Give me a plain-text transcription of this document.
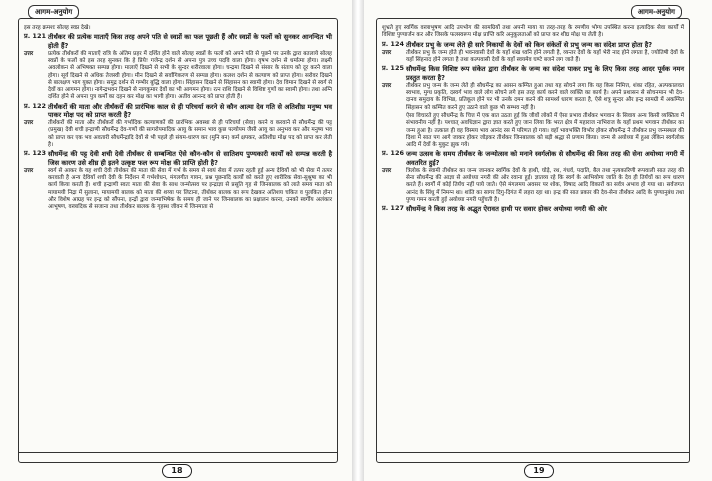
आगम-अनुयोग
इस तरह क्रमशः सोलह स्वप्न देखे।
प्र. 121 तीर्थंकर की प्रत्येक माताएँ किस तरह अपने पति से स्वप्नों का फल पूछती हैं और स्वप्नों के फलों को सुनकर आनन्दित भी होती हैं?
उत्तर	प्रत्येक तीर्थंकरों की माताएँ रात्रि के अंतिम प्रहर में दर्शित होने वाले सोलह स्वप्नों के फलों को अपने पति से पूछने पर उनके द्वारा बतलाये सोलह स्वप्नों के फलों को इस तरह सुनकर कि हे प्रिये! गजेन्द्र दर्शन से अपना पुत्र उच्च पदवि वाला होगा। वृषभ दर्शन से धर्मात्मा होगा। लक्ष्मी अवलोकन से अभिषक्त सम्पन्न होगा। मालाएँ दिखने से सभी के सुन्दर शरीरवाला होगा। चन्द्रमा दिखने से संसार के संताप को दूर करने वाला होगा। सूर्य दिखने से अधिक तेजस्वी होगा। मीन दिखने से सर्वांगिकरण से सम्पन्न होगा। कलश दर्शन से कल्याण को प्राप्त होगा। सरोवर दिखने से बालक्षण भाग युक्त होगा। समुद्र दर्शन से गम्भीर बुद्धि वाला होगा। सिंहासन दिखने से सिंहासन का स्वामी होगा। देव विमान दिखने से स्वर्ग से देवों का आगमन होगा। नागेन्द्रभवन दिखने से नागकुमार देवों का भी आगमन होगा। रत्न राशि दिखने से विशिष्ट गुणों का स्वामी होगा। तथा अग्नि दर्शित होने से अपना पुत्र कर्मों का दहन कर मोक्ष का भागी होगा। अतीव आनन्द को प्राप्त होती हैं।
प्र. 122 तीर्थंकरों की माता और तीर्थंकरों की प्रारंभिक काल से ही परिचर्या करने से कौन आत्मा देव गति से अतिशीघ्र मनुष्य भव पाकर मोक्ष पद को प्राप्त करती है?
उत्तर	तीर्थंकरों की माता और तीर्थंकरों की गर्भादिक कल्याणकों की प्रारंभिक अवस्था से ही परिचर्या (सेवा) करने व करवाने से सौधर्मेन्द्र की पट्ट (प्रमुख) देवी शची इन्द्राणी सौधर्मेन्द्र देव-गणों की सागरोपमादिक आयु के समान भाव कुछ पल्योपम जैसी आयु का अनुभव कर और मनुष्य भव को प्राप्त कर एक भव अवतारी सौधर्मेन्द्रादि देवों से भी पहले ही संयम-धारण कर (मुनि बन) कर्म क्षपकर, अतिशीघ्र मोक्ष पद को प्राप्त कर लेती है।
प्र. 123 सौधर्मेन्द्र की पट्ट देवी शची देवी तीर्थंकर से सम्बन्धित ऐसे कौन-कौन से सातिशय पुण्यकारी कार्यों को सम्पन्न करती है जिस कारण उसे शीघ्र ही इतने उत्कृष्ट फल रूप मोक्ष की प्राप्ति होती है?
उत्तर	स्वर्ग से आकर के यह शची देवी तीर्थंकर की माता की सेवा में गर्भ के समय से स्वयं सेवा में तत्पर रहती हुई अन्य देवियों को भी सेवा में तत्पर करवाती है अन्य देवियाँ शची देवी के निर्देशन में गर्भशोधन, मंगलगीत गायन, प्रश्न पूछनादि कार्यों को करते हुए शारीरिक सेवा-सुश्रुषा का भी कार्य किया करती हैं। शची इन्द्राणी स्वतः माता की सेवा के साथ जन्मोत्सव पर इन्द्राज्ञा से प्रसूति गृह से जिनबालक को लाते समय माता को मायामयी निद्रा में सुलाना, मायामयी बालक को माता की शय्या पर लिटाना, तीर्थंकर बालक का रूप देखकर अतिशय चकित व पुलकित होना और विशेष आग्रह पर इन्द्र को सौंपना, इन्द्रों द्वारा जन्माभिषेक के समय ही जाने पर जिनबालक का प्रक्षालन करना, उनको स्वर्गीय अलंकार आभूषण, वस्त्रादिक से सजाना तथा तीर्थंकर बालक के गृहस्थ जीवन में जिनमाता से
18
आगम-अनुयोग
शुभ्रते हुए स्वर्गिक वस्त्राभूषण आदि उपभोग की सामग्रियों तथा अपनी माया या तरह-तरह के रमणीय भोग्य उपस्थित करना इत्यादिक सेवा कार्यों में विशिष्ट पुण्यार्जन कर और जिसके फलस्वरूप मोक्ष प्राप्ति करि अनुकूलताओं को प्राप्त कर शीघ्र मोक्ष पा लेती है।
प्र. 124 तीर्थंकर प्रभु के जन्म लेते ही सारे निकायों के देवों को किन संकेतों से प्रभु जन्म का संदेश प्राप्त होता है?
उत्तर	तीर्थंकर प्रभु के जन्म होते ही भवनवासी देवों के यहाँ शंख ध्वनि होने लगती है, व्यन्तर देवों के यहाँ भेरी नाद होने लगता है, ज्योतिषी देवों के यहाँ सिंहनाद होने लगता है तथा कल्पवासी देवों के यहाँ स्वयमेव घण्टे बजने लग जाते हैं।
प्र. 125 सौधर्मेन्द्र किस विशिष्ट रूप संकेत द्वारा तीर्थंकर के जन्म का संदेश पाकर प्रभु के लिए किस तरह आदर पूर्वक नमन प्रस्तुत करता है?
उत्तर	तीर्थंकर प्रभु जन्म के जन्म लेते ही सौधर्मेन्द्र का आसन कम्पित हुआ तथा यह सोचने लगा कि यह किस निमित्त, शंका रहित, अल्पकालवत स्वभाव, मुग्ध प्रकृति, दस्वर्ग भाव वाले लोग सोचने लगे इस तरह कार्य करने वाले व्यक्ति का कार्य है। अपने प्रशासन से सोचनमान भी देव-दानव समुदाय के विभिन्न, प्रतिकूल होने पर भी उनके दमन करने की सामर्थ्य धारण करता है, ऐसे शत्रु सुन्दर और इन्द्र सामग्री में अकम्पित सिंहासन को कम्पित करने हुए उठाने वाले कुछ भी सम्भव नहीं है।
ऐसा विचारते हुए सौधर्मेन्द्र के चित्त में एक बात उठता हुई कि जीवों लोकों में ऐसा प्रभाव तीर्थंकर भगवान के सिवाय अन्य किसी व्यक्तित्व में संभावनीय नहीं है। पश्चात् अवधिज्ञान द्वारा ज्ञात करते हुए जान लिया कि भरत क्षेत्र में महाराज नाभिराज के यहाँ प्रथम भगवान तीर्थंकर का जन्म हुआ है। तत्काल ही वह विस्मय भाव आनंद रस में परिणत हो गया। वहाँ भावभक्ति विभोर होकर सौधर्मेन्द्र ने तीर्थंकर प्रभु जन्मस्थल की दिशा में सात पग आगे जाकर होकर जोड़कर तीर्थंकर जिनबालक को बड़ी श्रद्धा से प्रणाम किया। जन्म से अयोध्या में हुआ लेकिन स्वर्गलोक आदि में देवों के मुकुट झुक गये।
प्र. 126 जन्म उत्सव के समय तीर्थंकर के जन्मोत्सव को मनाने स्वर्गलोक से सौधर्मेन्द्र की किस तरह की सेना अयोध्या नगरी में अवतरित हुई?
उत्तर	त्रिलोक के स्वामी तीर्थंकर का जन्म जानकर स्वर्गिक देवों के हाथी, घोड़े, रथ, गंधर्व, पदाति, बैल तथा नृत्यकारिणी रूपवाली सात तरह की सेना सौधर्मेन्द्र की आज्ञा से अयोध्या नगरी की ओर रवाना हुई। ज्ञातव्य रहे कि स्वर्ग के आभियोग्य जाति के देव ही तिर्यंचों का रूप धारण करते हैं। स्वर्गों में कोई तिर्यंच नहीं पाये जाते। ऐसे मंगलमय अवसर पर शोक, विषाद आदि विकारों का सर्वत्र अभाव हो गया था। सर्वजगत आनंद के सिंधु में निमग्न था। शांति का सागर दिगु-दिगंत में लहरा रहा था। इन्द्र की सात प्रकार की देव-सेना तीर्थंकर आदि के पुण्यानुबंध तथा पुण्य गमन करती हुई अयोध्या नगरी पहुँचती है।
प्र. 127 सौधर्मेन्द्र ने किस तरह के अद्भुत ऐरावत हाथी पर सवार होकर अयोध्या नगरी की ओर
19
